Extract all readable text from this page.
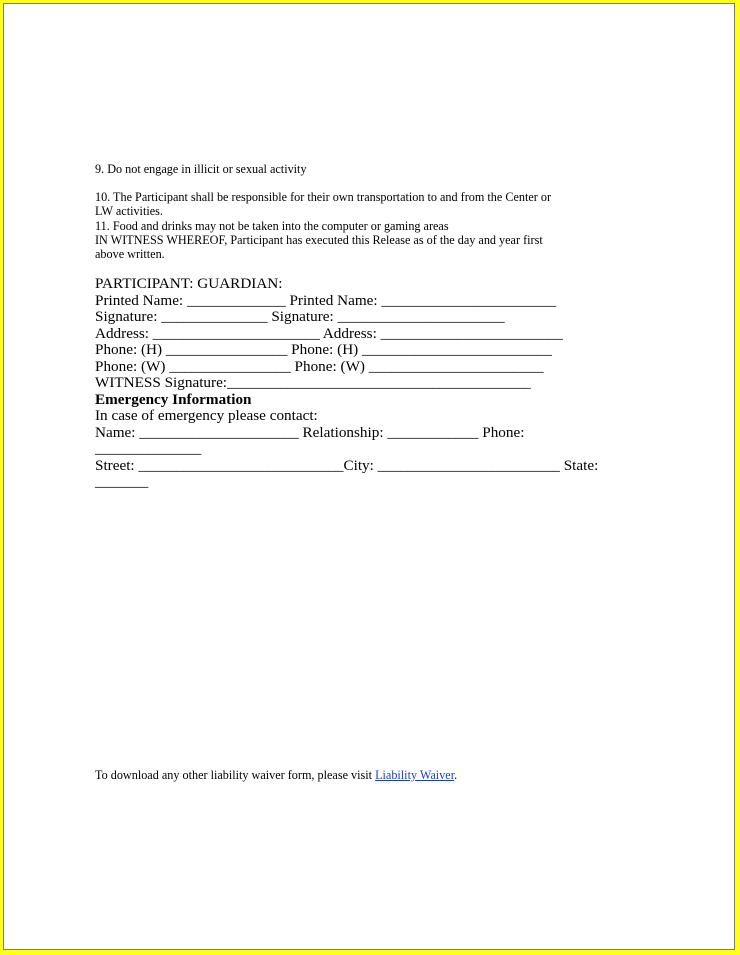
9. Do not engage in illicit or sexual activity
10. The Participant shall be responsible for their own transportation to and from the Center or
LW activities.
11. Food and drinks may not be taken into the computer or gaming areas
IN WITNESS WHEREOF, Participant has executed this Release as of the day and year first
above written.
PARTICIPANT: GUARDIAN:
Printed Name: _____________ Printed Name: _______________________
Signature: ______________ Signature: ______________________
Address: ______________________ Address: ________________________
Phone: (H) ________________ Phone: (H) _________________________
Phone: (W) ________________ Phone: (W) _______________________
WITNESS Signature:________________________________________
Emergency Information
In case of emergency please contact:
Name: _____________________ Relationship: ____________ Phone:
______________
Street: ___________________________City: ________________________ State:
_______
To download any other liability waiver form, please visit Liability Waiver.
